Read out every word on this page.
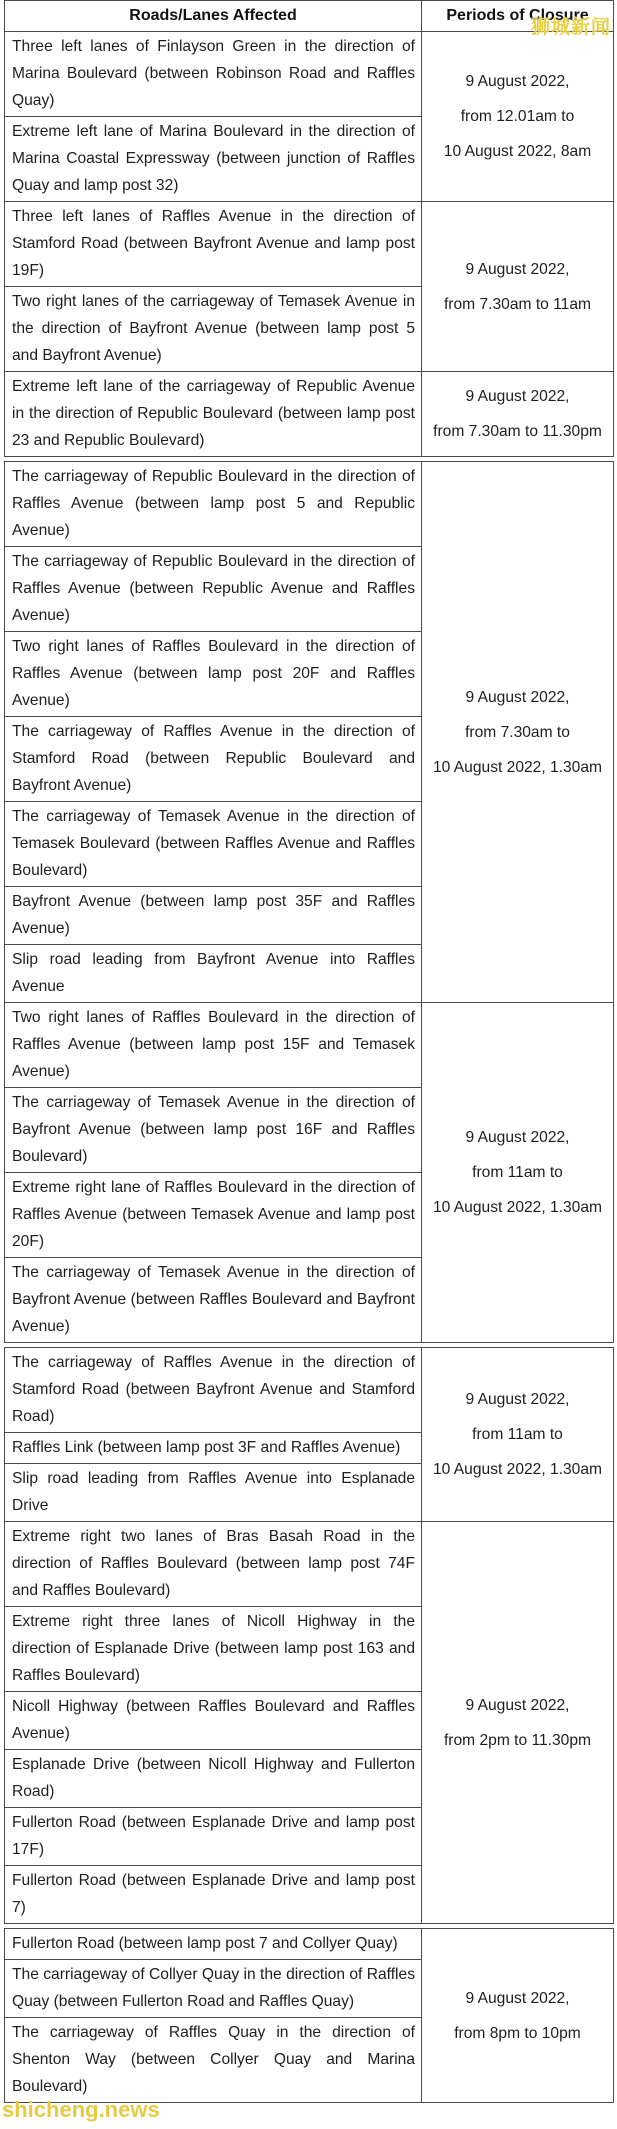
Roads/Lanes Affected	Periods of Closure
Three left lanes of Finlayson Green in the direction of Marina Boulevard (between Robinson Road and Raffles Quay)	9 August 2022,
from 12.01am to
10 August 2022, 8am

Extreme left lane of Marina Boulevard in the direction of Marina Coastal Expressway (between junction of Raffles Quay and lamp post 32)	
Three left lanes of Raffles Avenue in the direction of Stamford Road (between Bayfront Avenue and lamp post 19F)	9 August 2022,
from 7.30am to 11am

Two right lanes of the carriageway of Temasek Avenue in the direction of Bayfront Avenue (between lamp post 5 and Bayfront Avenue)	
Extreme left lane of the carriageway of Republic Avenue in the direction of Republic Boulevard (between lamp post 23 and Republic Boulevard)	9 August 2022,
from 7.30am to 11.30pm

The carriageway of Republic Boulevard in the direction of Raffles Avenue (between lamp post 5 and Republic Avenue)	9 August 2022,
from 7.30am to
10 August 2022, 1.30am

The carriageway of Republic Boulevard in the direction of Raffles Avenue (between Republic Avenue and Raffles Avenue)	
Two right lanes of Raffles Boulevard in the direction of Raffles Avenue (between lamp post 20F and Raffles Avenue)	
The carriageway of Raffles Avenue in the direction of Stamford Road (between Republic Boulevard and Bayfront Avenue)	
The carriageway of Temasek Avenue in the direction of Temasek Boulevard (between Raffles Avenue and Raffles Boulevard)	
Bayfront Avenue (between lamp post 35F and Raffles Avenue)	
Slip road leading from Bayfront Avenue into Raffles Avenue	
Two right lanes of Raffles Boulevard in the direction of Raffles Avenue (between lamp post 15F and Temasek Avenue)	9 August 2022,
from 11am to
10 August 2022, 1.30am

The carriageway of Temasek Avenue in the direction of Bayfront Avenue (between lamp post 16F and Raffles Boulevard)	
Extreme right lane of Raffles Boulevard in the direction of Raffles Avenue (between Temasek Avenue and lamp post 20F)	
The carriageway of Temasek Avenue in the direction of Bayfront Avenue (between Raffles Boulevard and Bayfront Avenue)	

The carriageway of Raffles Avenue in the direction of Stamford Road (between Bayfront Avenue and Stamford Road)	9 August 2022,
from 11am to
10 August 2022, 1.30am

Raffles Link (between lamp post 3F and Raffles Avenue)	
Slip road leading from Raffles Avenue into Esplanade Drive	
Extreme right two lanes of Bras Basah Road in the direction of Raffles Boulevard (between lamp post 74F and Raffles Boulevard)	9 August 2022,
from 2pm to 11.30pm

Extreme right three lanes of Nicoll Highway in the direction of Esplanade Drive (between lamp post 163 and Raffles Boulevard)	
Nicoll Highway (between Raffles Boulevard and Raffles Avenue)	
Esplanade Drive (between Nicoll Highway and Fullerton Road)	
Fullerton Road (between Esplanade Drive and lamp post 17F)	
Fullerton Road (between Esplanade Drive and lamp post 7)	

Fullerton Road (between lamp post 7 and Collyer Quay)	9 August 2022,
from 8pm to 10pm

The carriageway of Collyer Quay in the direction of Raffles Quay (between Fullerton Road and Raffles Quay)	
The carriageway of Raffles Quay in the direction of Shenton Way (between Collyer Quay and Marina Boulevard)	
狮城新闻
shicheng.news
